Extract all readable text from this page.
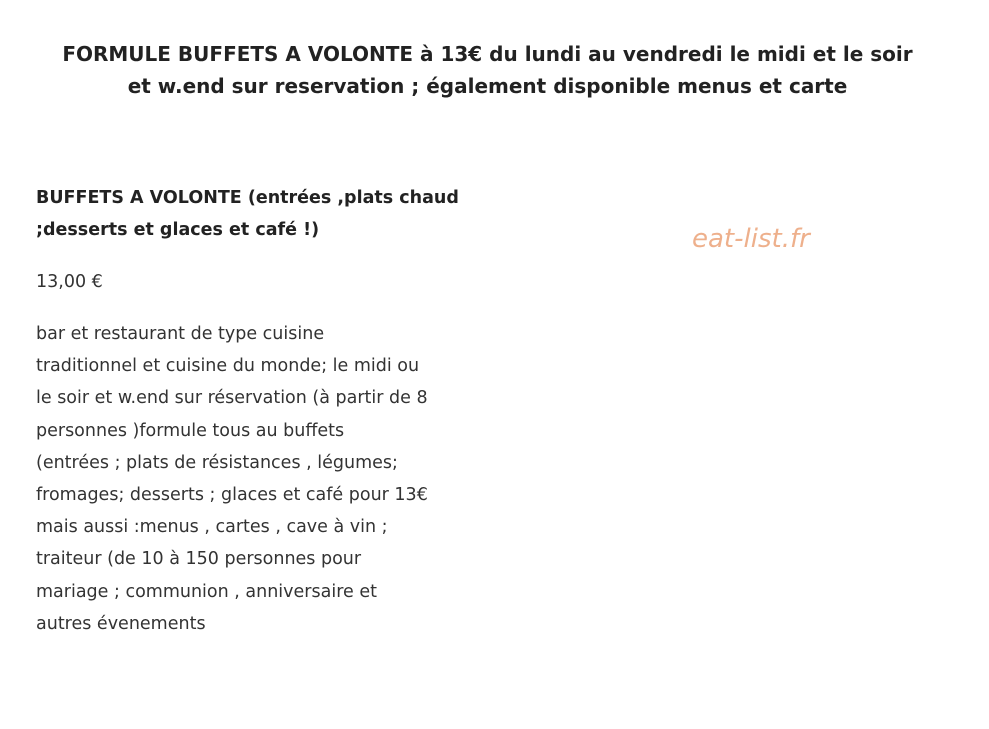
FORMULE BUFFETS A VOLONTE à 13€ du lundi au vendredi le midi et le soir
et w.end sur reservation ; également disponible menus et carte
BUFFETS A VOLONTE (entrées ,plats chaud
;desserts et glaces et café !)	eat-list.fr
13,00 €
bar et restaurant de type cuisine
traditionnel et cuisine du monde; le midi ou
le soir et w.end sur réservation (à partir de 8
personnes )formule tous au buffets
(entrées ; plats de résistances , légumes;
fromages; desserts ; glaces et café pour 13€
mais aussi :menus , cartes , cave à vin ;
traiteur (de 10 à 150 personnes pour
mariage ; communion , anniversaire et
autres évenements
